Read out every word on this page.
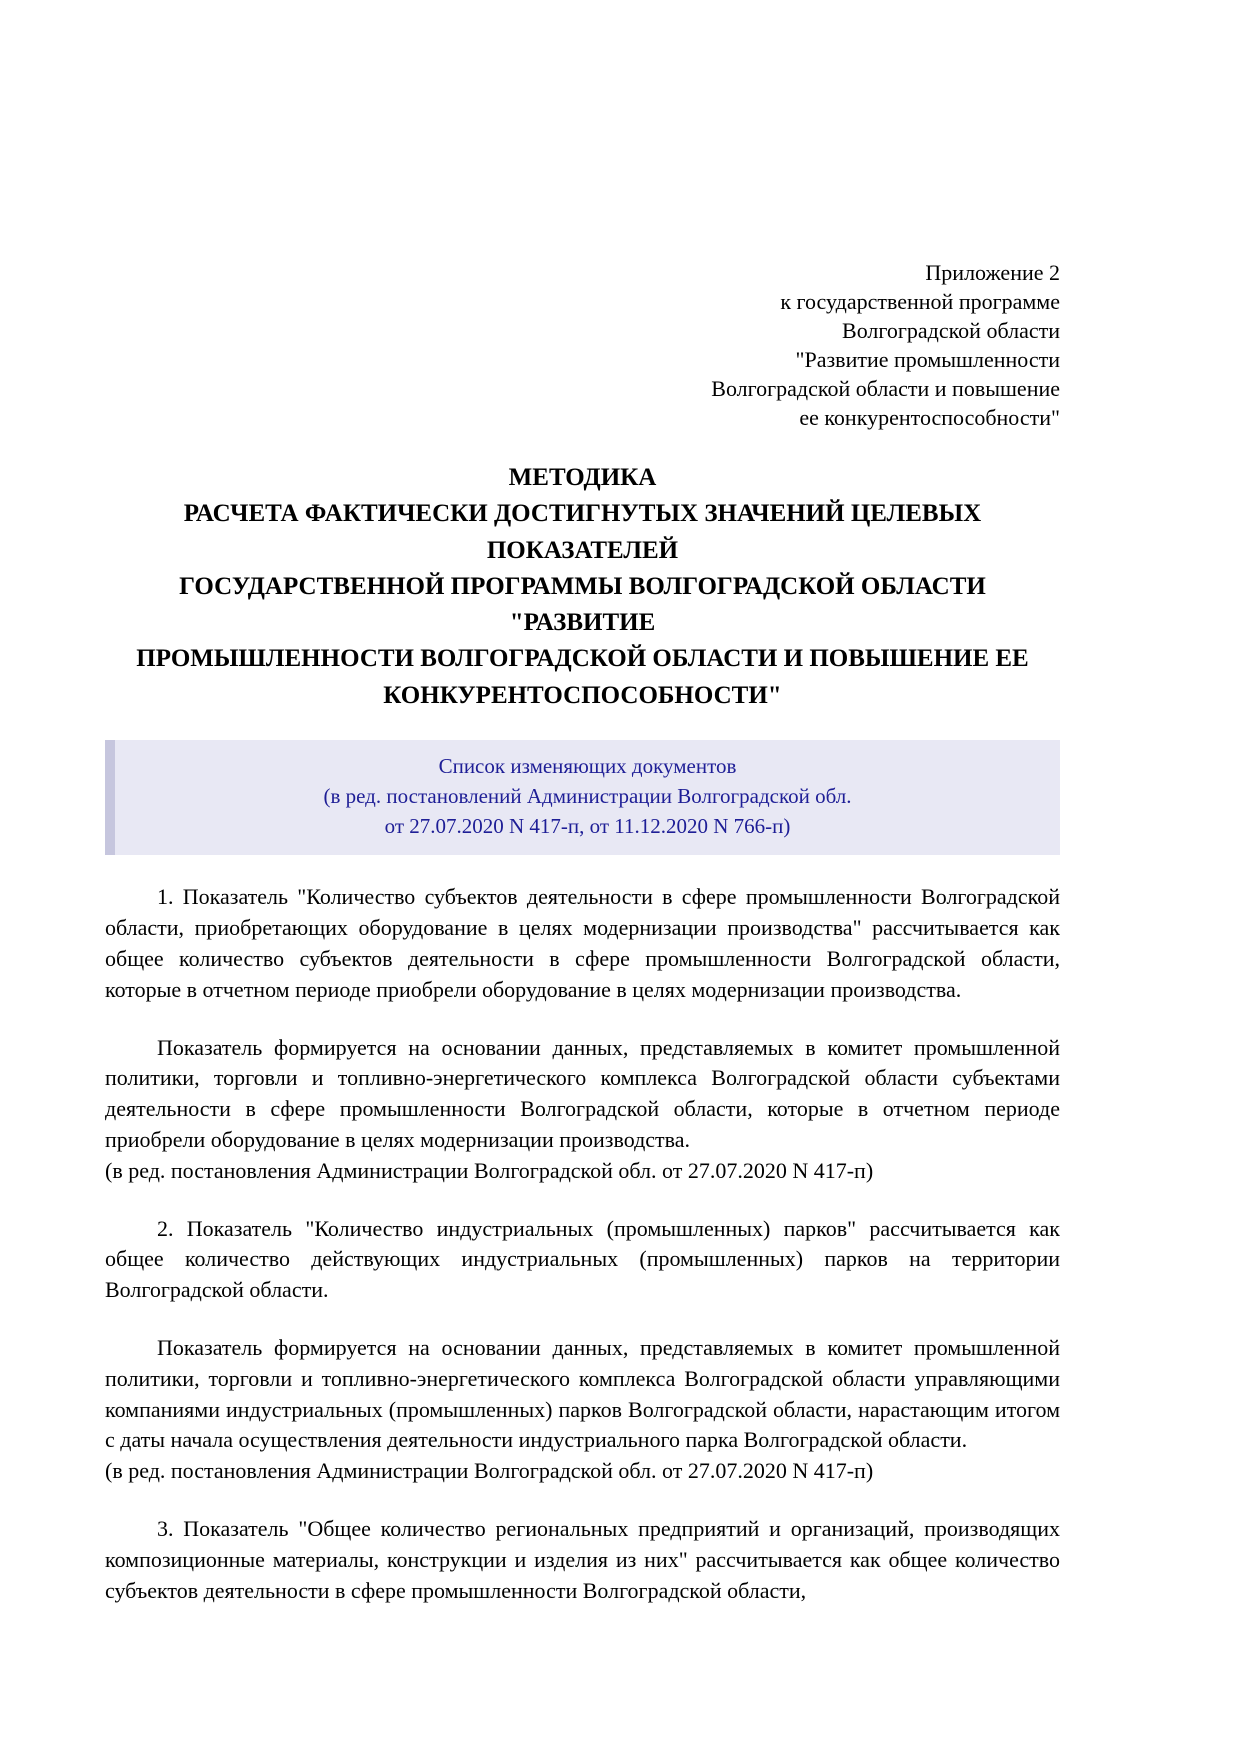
Приложение 2
к государственной программе
Волгоградской области
"Развитие промышленности
Волгоградской области и повышение
ее конкурентоспособности"
МЕТОДИКА
РАСЧЕТА ФАКТИЧЕСКИ ДОСТИГНУТЫХ ЗНАЧЕНИЙ ЦЕЛЕВЫХ
ПОКАЗАТЕЛЕЙ
ГОСУДАРСТВЕННОЙ ПРОГРАММЫ ВОЛГОГРАДСКОЙ ОБЛАСТИ
"РАЗВИТИЕ
ПРОМЫШЛЕННОСТИ ВОЛГОГРАДСКОЙ ОБЛАСТИ И ПОВЫШЕНИЕ ЕЕ
КОНКУРЕНТОСПОСОБНОСТИ"
Список изменяющих документов
(в ред. постановлений Администрации Волгоградской обл.
от 27.07.2020 N 417-п, от 11.12.2020 N 766-п)

1. Показатель "Количество субъектов деятельности в сфере промышленности Волгоградской области, приобретающих оборудование в целях модернизации производства" рассчитывается как общее количество субъектов деятельности в сфере промышленности Волгоградской области, которые в отчетном периоде приобрели оборудование в целях модернизации производства.

Показатель формируется на основании данных, представляемых в комитет промышленной политики, торговли и топливно-энергетического комплекса Волгоградской области субъектами деятельности в сфере промышленности Волгоградской области, которые в отчетном периоде приобрели оборудование в целях модернизации производства.

(в ред. постановления Администрации Волгоградской обл. от 27.07.2020 N 417-п)

2. Показатель "Количество индустриальных (промышленных) парков" рассчитывается как общее количество действующих индустриальных (промышленных) парков на территории Волгоградской области.

Показатель формируется на основании данных, представляемых в комитет промышленной политики, торговли и топливно-энергетического комплекса Волгоградской области управляющими компаниями индустриальных (промышленных) парков Волгоградской области, нарастающим итогом с даты начала осуществления деятельности индустриального парка Волгоградской области.

(в ред. постановления Администрации Волгоградской обл. от 27.07.2020 N 417-п)

3. Показатель "Общее количество региональных предприятий и организаций, производящих композиционные материалы, конструкции и изделия из них" рассчитывается как общее количество субъектов деятельности в сфере промышленности Волгоградской области,
